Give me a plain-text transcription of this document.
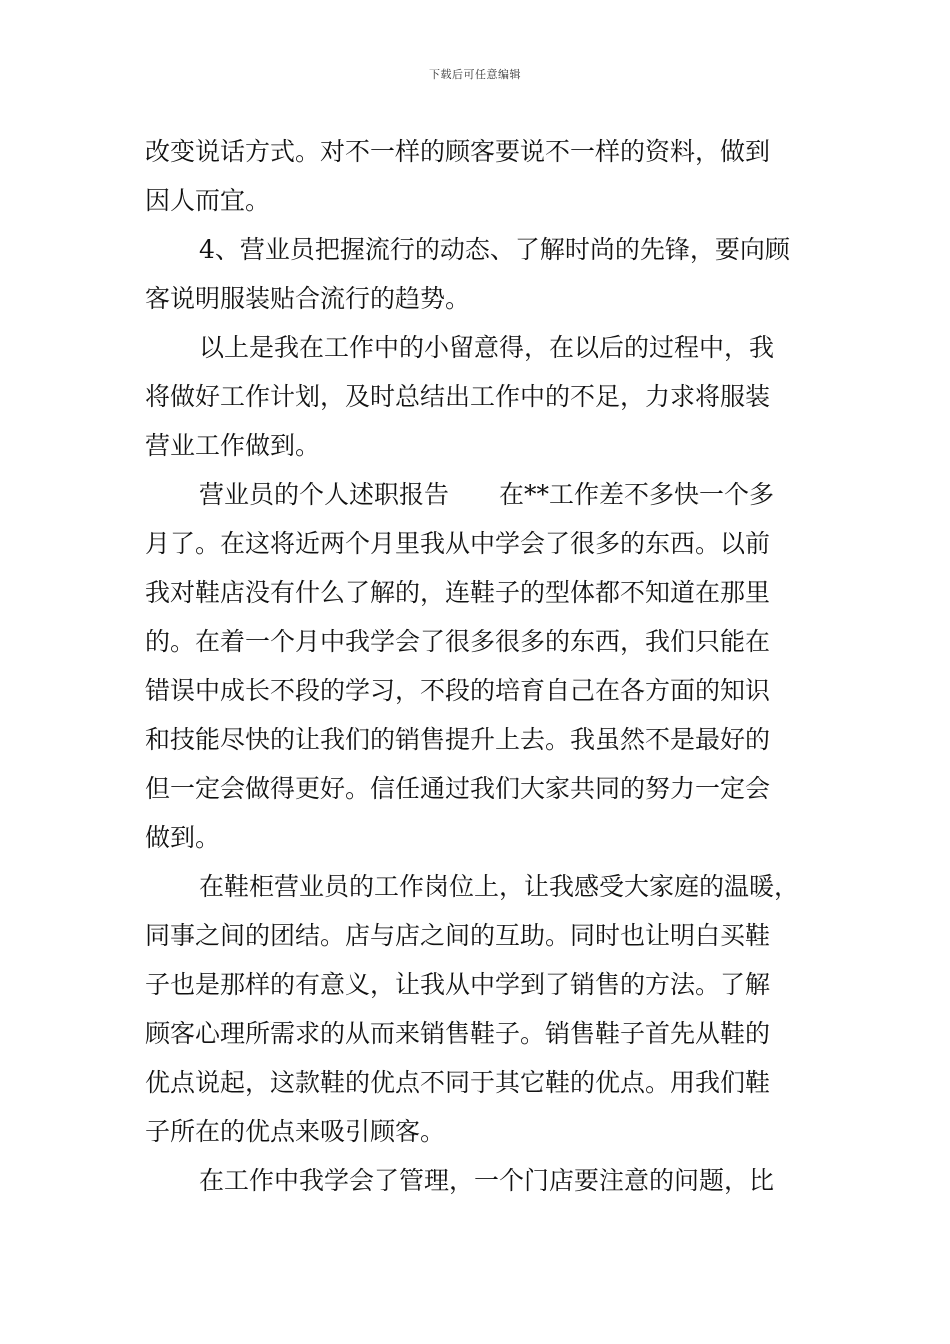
下载后可任意编辑
改变说话方式。对不一样的顾客要说不一样的资料，做到
因人而宜。
4、营业员把握流行的动态、了解时尚的先锋，要向顾
客说明服装贴合流行的趋势。
以上是我在工作中的小留意得，在以后的过程中，我
将做好工作计划，及时总结出工作中的不足，力求将服装
营业工作做到。
营业员的个人述职报告　　在**工作差不多快一个多
月了。在这将近两个月里我从中学会了很多的东西。以前
我对鞋店没有什么了解的，连鞋子的型体都不知道在那里
的。在着一个月中我学会了很多很多的东西，我们只能在
错误中成长不段的学习，不段的培育自己在各方面的知识
和技能尽快的让我们的销售提升上去。我虽然不是最好的
但一定会做得更好。信任通过我们大家共同的努力一定会
做到。
在鞋柜营业员的工作岗位上，让我感受大家庭的温暖，
同事之间的团结。店与店之间的互助。同时也让明白买鞋
子也是那样的有意义，让我从中学到了销售的方法。了解
顾客心理所需求的从而来销售鞋子。销售鞋子首先从鞋的
优点说起，这款鞋的优点不同于其它鞋的优点。用我们鞋
子所在的优点来吸引顾客。
在工作中我学会了管理，一个门店要注意的问题，比
